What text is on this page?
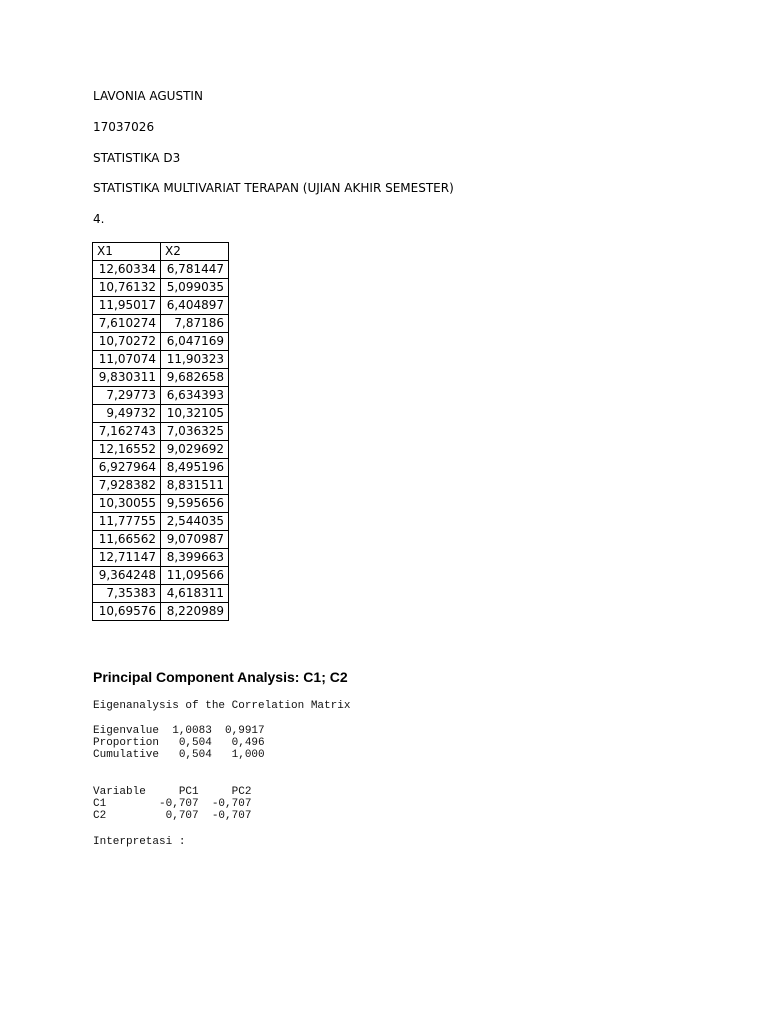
LAVONIA AGUSTIN
17037026
STATISTIKA D3
STATISTIKA MULTIVARIAT TERAPAN (UJIAN AKHIR SEMESTER)
4.
X1	X2
12,60334	6,781447
10,76132	5,099035
11,95017	6,404897
7,610274	7,87186
10,70272	6,047169
11,07074	11,90323
9,830311	9,682658
7,29773	6,634393
9,49732	10,32105
7,162743	7,036325
12,16552	9,029692
6,927964	8,495196
7,928382	8,831511
10,30055	9,595656
11,77755	2,544035
11,66562	9,070987
12,71147	8,399663
9,364248	11,09566
7,35383	4,618311
10,69576	8,220989
Principal Component Analysis: C1; C2
Eigenanalysis of the Correlation Matrix
Eigenvalue  1,0083  0,9917
Proportion   0,504   0,496
Cumulative   0,504   1,000
Variable     PC1     PC2
C1        -0,707  -0,707
C2         0,707  -0,707
Interpretasi :
